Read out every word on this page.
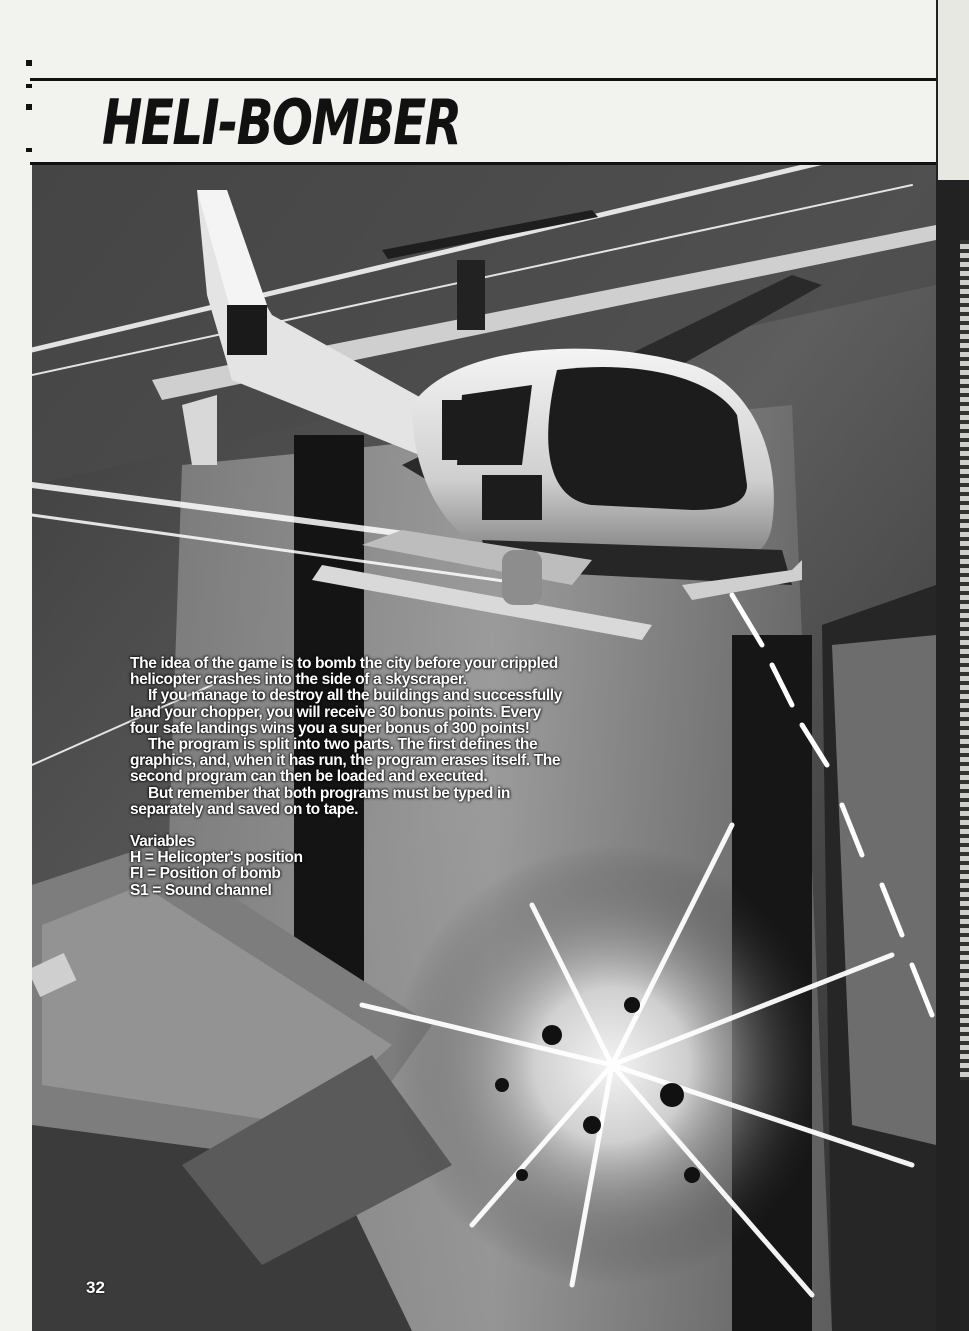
HELI-BOMBER

The idea of the game is to bomb the city before your crippled helicopter crashes into the side of a skyscraper.

If you manage to destroy all the buildings and successfully land your chopper, you will receive 30 bonus points. Every four safe landings wins you a super bonus of 300 points!

The program is split into two parts. The first defines the graphics, and, when it has run, the program erases itself. The second program can then be loaded and executed.

But remember that both programs must be typed in separately and saved on to tape.

Variables
H = Helicopter's position
FI = Position of bomb
S1 = Sound channel
32
